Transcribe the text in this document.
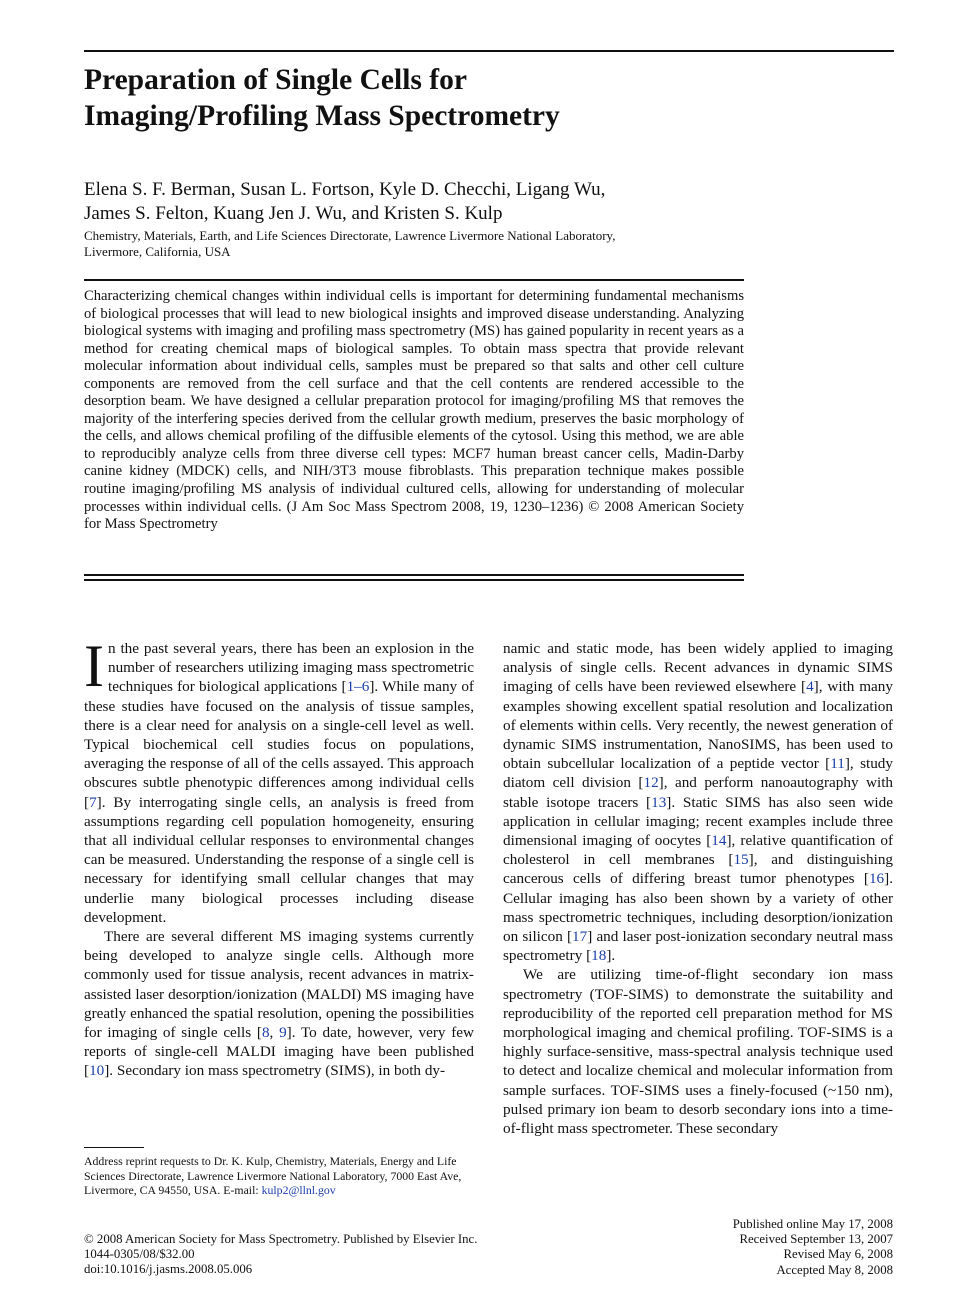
Preparation of Single Cells for
Imaging/Profiling Mass Spectrometry
Elena S. F. Berman, Susan L. Fortson, Kyle D. Checchi, Ligang Wu,
James S. Felton, Kuang Jen J. Wu, and Kristen S. Kulp
Chemistry, Materials, Earth, and Life Sciences Directorate, Lawrence Livermore National Laboratory,
Livermore, California, USA
Characterizing chemical changes within individual cells is important for determining fundamental mechanisms of biological processes that will lead to new biological insights and improved disease understanding. Analyzing biological systems with imaging and profiling mass spectrometry (MS) has gained popularity in recent years as a method for creating chemical maps of biological samples. To obtain mass spectra that provide relevant molecular information about individual cells, samples must be prepared so that salts and other cell culture components are removed from the cell surface and that the cell contents are rendered accessible to the desorption beam. We have designed a cellular preparation protocol for imaging/profiling MS that removes the majority of the interfering species derived from the cellular growth medium, preserves the basic morphology of the cells, and allows chemical profiling of the diffusible elements of the cytosol. Using this method, we are able to reproducibly analyze cells from three diverse cell types: MCF7 human breast cancer cells, Madin-Darby canine kidney (MDCK) cells, and NIH/3T3 mouse fibroblasts. This preparation technique makes possible routine imaging/profiling MS analysis of individual cultured cells, allowing for understanding of molecular processes within individual cells. (J Am Soc Mass Spectrom 2008, 19, 1230–1236) © 2008 American Society for Mass Spectrometry

In the past several years, there has been an explosion in the number of researchers utilizing imaging mass spectrometric techniques for biological applications [1–6]. While many of these studies have focused on the analysis of tissue samples, there is a clear need for analysis on a single-cell level as well. Typical biochemical cell studies focus on populations, averaging the response of all of the cells assayed. This approach obscures subtle phenotypic differences among individual cells [7]. By interrogating single cells, an analysis is freed from assumptions regarding cell population homogeneity, ensuring that all individual cellular responses to environmental changes can be measured. Understanding the response of a single cell is necessary for identifying small cellular changes that may underlie many biological processes including disease development.

There are several different MS imaging systems currently being developed to analyze single cells. Although more commonly used for tissue analysis, recent advances in matrix-assisted laser desorption/ionization (MALDI) MS imaging have greatly enhanced the spatial resolution, opening the possibilities for imaging of single cells [8, 9]. To date, however, very few reports of single-cell MALDI imaging have been published [10]. Secondary ion mass spectrometry (SIMS), in both dy-

namic and static mode, has been widely applied to imaging analysis of single cells. Recent advances in dynamic SIMS imaging of cells have been reviewed elsewhere [4], with many examples showing excellent spatial resolution and localization of elements within cells. Very recently, the newest generation of dynamic SIMS instrumentation, NanoSIMS, has been used to obtain subcellular localization of a peptide vector [11], study diatom cell division [12], and perform nanoautography with stable isotope tracers [13]. Static SIMS has also seen wide application in cellular imaging; recent examples include three dimensional imaging of oocytes [14], relative quantification of cholesterol in cell membranes [15], and distinguishing cancerous cells of differing breast tumor phenotypes [16]. Cellular imaging has also been shown by a variety of other mass spectrometric techniques, including desorption/ionization on silicon [17] and laser post-ionization secondary neutral mass spectrometry [18].

We are utilizing time-of-flight secondary ion mass spectrometry (TOF-SIMS) to demonstrate the suitability and reproducibility of the reported cell preparation method for MS morphological imaging and chemical profiling. TOF-SIMS is a highly surface-sensitive, mass-spectral analysis technique used to detect and localize chemical and molecular information from sample surfaces. TOF-SIMS uses a finely-focused (~150 nm), pulsed primary ion beam to desorb secondary ions into a time-of-flight mass spectrometer. These secondary

Address reprint requests to Dr. K. Kulp, Chemistry, Materials, Energy and Life Sciences Directorate, Lawrence Livermore National Laboratory, 7000 East Ave, Livermore, CA 94550, USA. E-mail: kulp2@llnl.gov
© 2008 American Society for Mass Spectrometry. Published by Elsevier Inc.
1044-0305/08/$32.00
doi:10.1016/j.jasms.2008.05.006
Published online May 17, 2008
Received September 13, 2007
Revised May 6, 2008
Accepted May 8, 2008
